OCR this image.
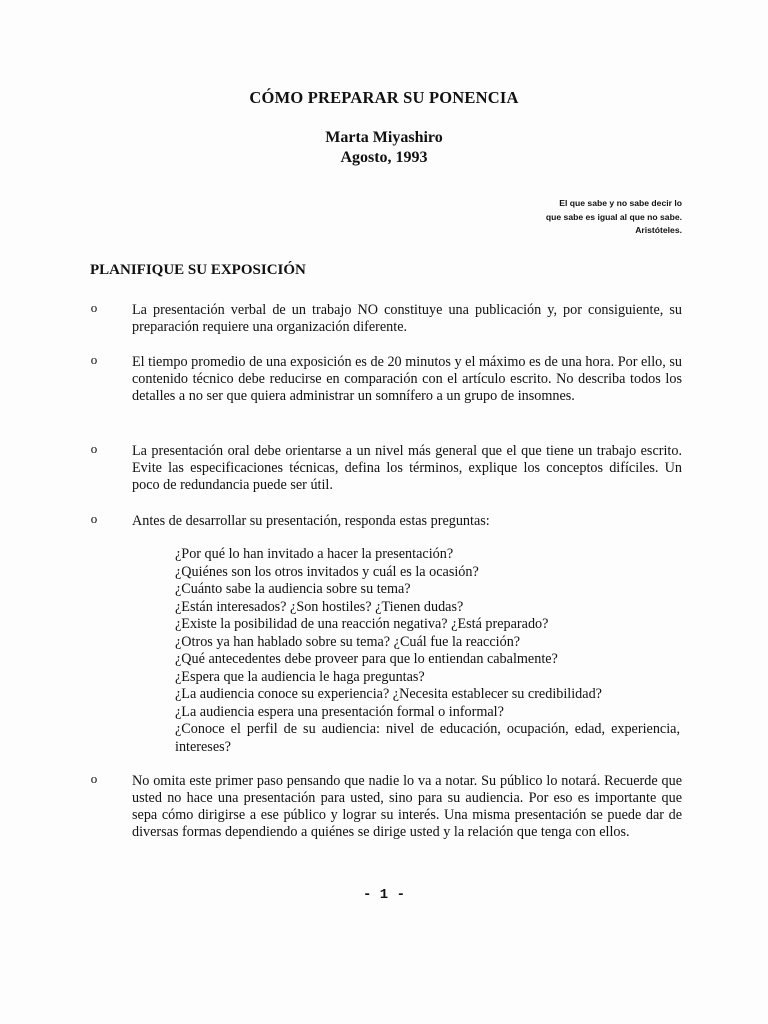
CÓMO PREPARAR SU PONENCIA
Marta Miyashiro
Agosto, 1993
El que sabe y no sabe decir lo
que sabe es igual al que no sabe.
Aristóteles.
PLANIFIQUE SU EXPOSICIÓN
o La presentación verbal de un trabajo NO constituye una publicación y, por consiguiente, su preparación requiere una organización diferente.
o El tiempo promedio de una exposición es de 20 minutos y el máximo es de una hora. Por ello, su contenido técnico debe reducirse en comparación con el artículo escrito. No describa todos los detalles a no ser que quiera administrar un somnífero a un grupo de insomnes.
o La presentación oral debe orientarse a un nivel más general que el que tiene un trabajo escrito. Evite las especificaciones técnicas, defina los términos, explique los conceptos difíciles. Un poco de redundancia puede ser útil.
o Antes de desarrollar su presentación, responda estas preguntas:
¿Por qué lo han invitado a hacer la presentación?
¿Quiénes son los otros invitados y cuál es la ocasión?
¿Cuánto sabe la audiencia sobre su tema?
¿Están interesados? ¿Son hostiles? ¿Tienen dudas?
¿Existe la posibilidad de una reacción negativa? ¿Está preparado?
¿Otros ya han hablado sobre su tema? ¿Cuál fue la reacción?
¿Qué antecedentes debe proveer para que lo entiendan cabalmente?
¿Espera que la audiencia le haga preguntas?
¿La audiencia conoce su experiencia? ¿Necesita establecer su credibilidad?
¿La audiencia espera una presentación formal o informal?
¿Conoce el perfil de su audiencia: nivel de educación, ocupación, edad, experiencia, intereses?
o No omita este primer paso pensando que nadie lo va a notar. Su público lo notará. Recuerde que usted no hace una presentación para usted, sino para su audiencia. Por eso es importante que sepa cómo dirigirse a ese público y lograr su interés. Una misma presentación se puede dar de diversas formas dependiendo a quiénes se dirige usted y la relación que tenga con ellos.
- 1 -
